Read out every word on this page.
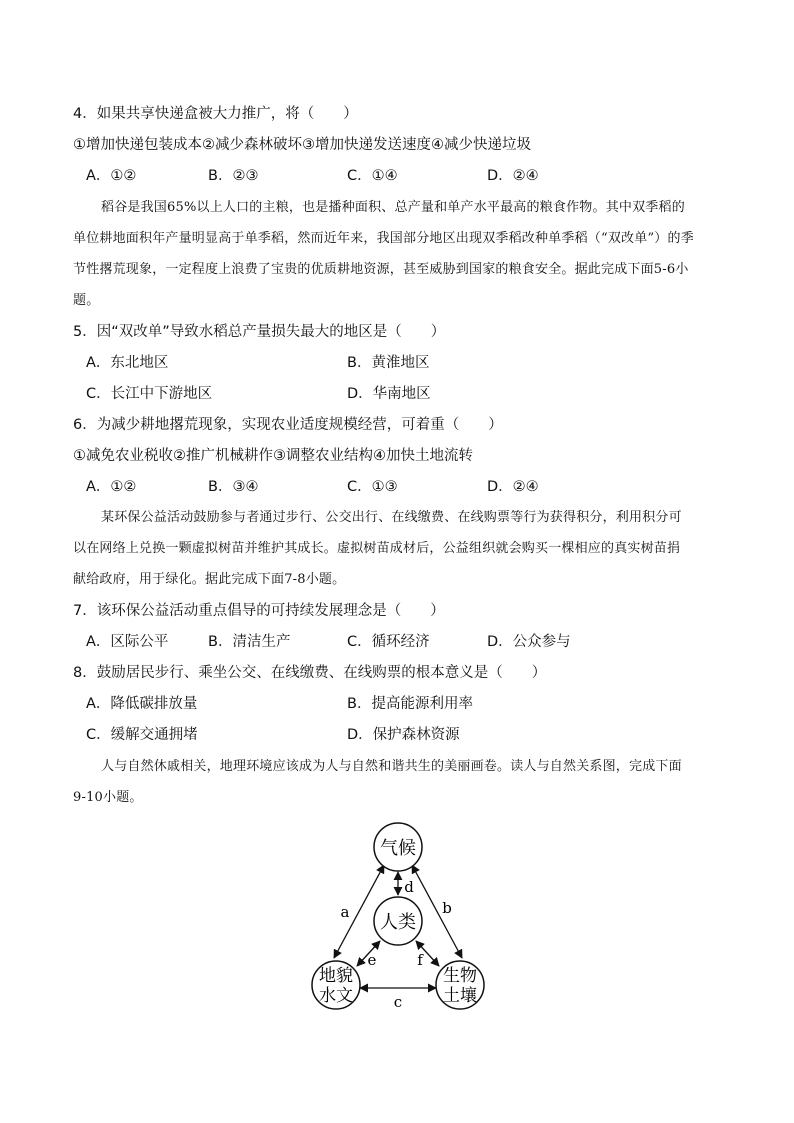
4．如果共享快递盒被大力推广，将（　　）
①增加快递包装成本②减少森林破坏③增加快递发送速度④减少快递垃圾
A．①②	B．②③	C．①④	D．②④
稻谷是我国65%以上人口的主粮，也是播种面积、总产量和单产水平最高的粮食作物。其中双季稻的
单位耕地面积年产量明显高于单季稻，然而近年来，我国部分地区出现双季稻改种单季稻（“双改单”）的季
节性撂荒现象，一定程度上浪费了宝贵的优质耕地资源，甚至威胁到国家的粮食安全。据此完成下面5-6小
题。
5．因“双改单”导致水稻总产量损失最大的地区是（　　）
A．东北地区	B．黄淮地区
C．长江中下游地区	D．华南地区
6．为减少耕地撂荒现象，实现农业适度规模经营，可着重（　　）
①减免农业税收②推广机械耕作③调整农业结构④加快土地流转
A．①②	B．③④	C．①③	D．②④
某环保公益活动鼓励参与者通过步行、公交出行、在线缴费、在线购票等行为获得积分，利用积分可
以在网络上兑换一颗虚拟树苗并维护其成长。虚拟树苗成材后，公益组织就会购买一棵相应的真实树苗捐
献给政府，用于绿化。据此完成下面7-8小题。
7．该环保公益活动重点倡导的可持续发展理念是（　　）
A．区际公平	B．清洁生产	C．循环经济	D．公众参与
8．鼓励居民步行、乘坐公交、在线缴费、在线购票的根本意义是（　　）
A．降低碳排放量	B．提高能源利用率
C．缓解交通拥堵	D．保护森林资源
人与自然休戚相关，地理环境应该成为人与自然和谐共生的美丽画卷。读人与自然关系图，完成下面
9-10小题。
气候
人类
地貌
水文
生物
土壤
a	b
c
d
e	f
